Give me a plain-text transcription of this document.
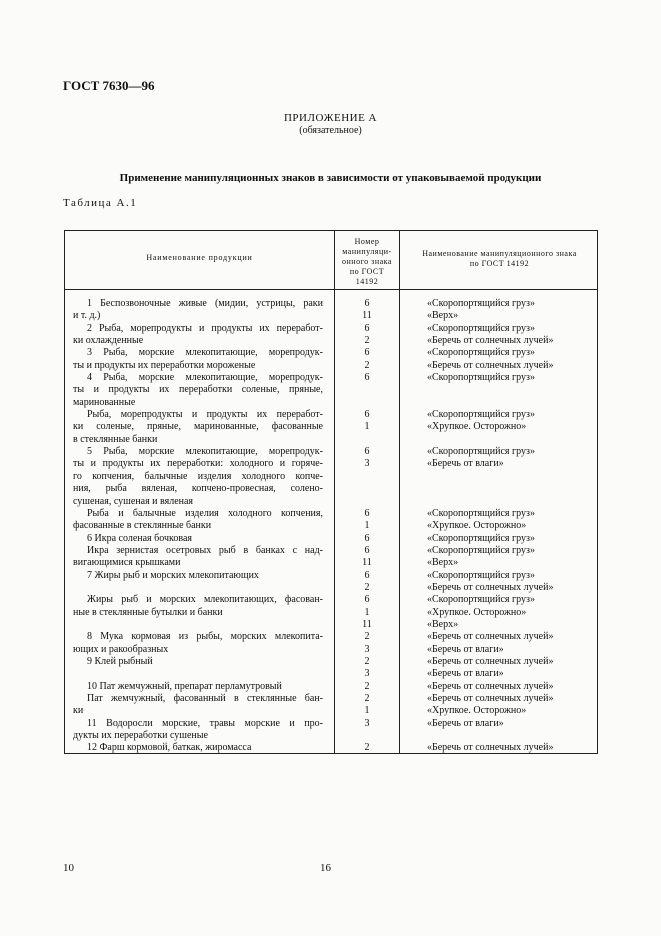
ГОСТ 7630—96
ПРИЛОЖЕНИЕ А
(обязательное)
Применение манипуляционных знаков в зависимости от упаковываемой продукции
Таблица А.1
Наименование продукции
Номер
манипуляци-
онного знака
по ГОСТ
14192
Наименование манипуляционного знака
по ГОСТ 14192
1 Беспозвоночные живые (мидии, устрицы, раки	6	«Скоропортящийся груз»
и т. д.)	11	«Верх»
2 Рыба, морепродукты и продукты их переработ-	6	«Скоропортящийся груз»
ки охлажденные	2	«Беречь от солнечных лучей»
3 Рыба, морские млекопитающие, морепродук-	6	«Скоропортящийся груз»
ты и продукты их переработки мороженые	2	«Беречь от солнечных лучей»
4 Рыба, морские млекопитающие, морепродук-	6	«Скоропортящийся груз»
ты и продукты их переработки соленые, пряные,
маринованные
Рыба, морепродукты и продукты их переработ-	6	«Скоропортящийся груз»
ки соленые, пряные, маринованные, фасованные	1	«Хрупкое. Осторожно»
в стеклянные банки
5 Рыба, морские млекопитающие, морепродук-	6	«Скоропортящийся груз»
ты и продукты их переработки: холодного и горяче-	3	«Беречь от влаги»
го копчения, балычные изделия холодного копче-
ния, рыба вяленая, копчено-провесная, солено-
сушеная, сушеная и вяленая
Рыба и балычные изделия холодного копчения,	6	«Скоропортящийся груз»
фасованные в стеклянные банки	1	«Хрупкое. Осторожно»
6 Икра соленая бочковая	6	«Скоропортящийся груз»
Икра зернистая осетровых рыб в банках с над-	6	«Скоропортящийся груз»
вигающимися крышками	11	«Верх»
7 Жиры рыб и морских млекопитающих	6	«Скоропортящийся груз»
2	«Беречь от солнечных лучей»
Жиры рыб и морских млекопитающих, фасован-	6	«Скоропортящийся груз»
ные в стеклянные бутылки и банки	1	«Хрупкое. Осторожно»
11	«Верх»
8 Мука кормовая из рыбы, морских млекопита-	2	«Беречь от солнечных лучей»
ющих и ракообразных	3	«Беречь от влаги»
9 Клей рыбный	2	«Беречь от солнечных лучей»
3	«Беречь от влаги»
10 Пат жемчужный, препарат перламутровый	2	«Беречь от солнечных лучей»
Пат жемчужный, фасованный в стеклянные бан-	2	«Беречь от солнечных лучей»
ки	1	«Хрупкое. Осторожно»
11 Водоросли морские, травы морские и про-	3	«Беречь от влаги»
дукты их переработки сушеные
12 Фарш кормовой, баткак, жиромасса	2	«Беречь от солнечных лучей»
10	16
